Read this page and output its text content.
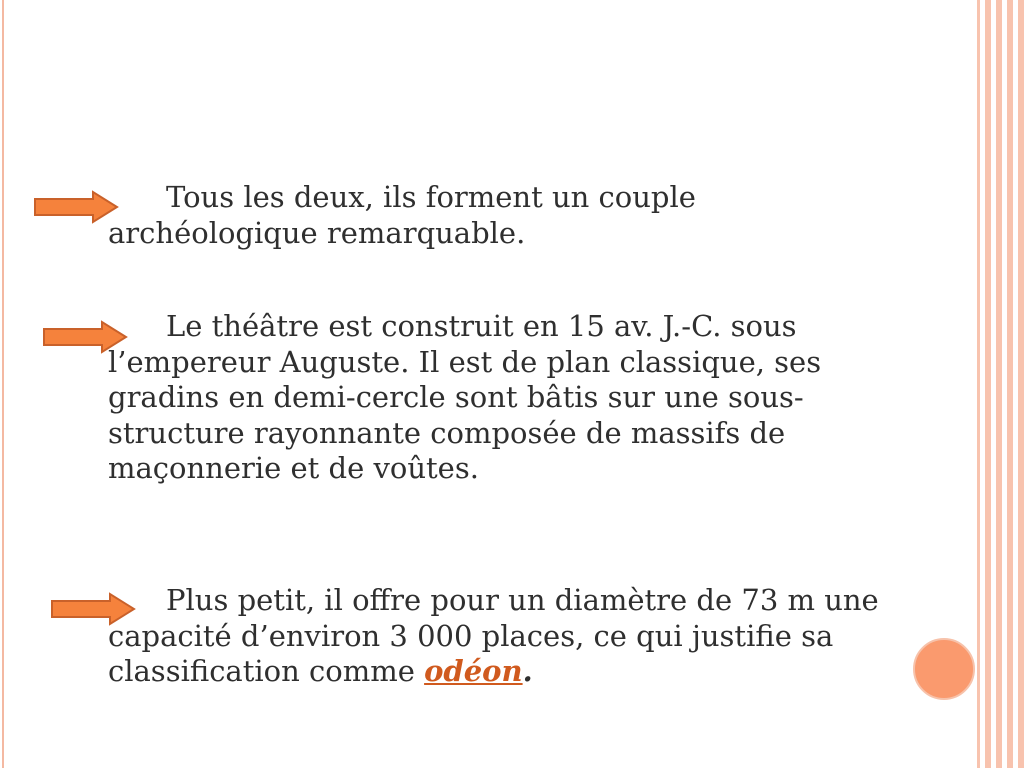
Tous les deux, ils forment un couple archéologique remarquable.
Le théâtre est construit en 15 av. J.-C. sous l’empereur Auguste. Il est de plan classique, ses gradins en demi-cercle sont bâtis sur une sous-structure rayonnante composée de massifs de maçonnerie et de voûtes.
Plus petit, il offre pour un diamètre de 73 m une capacité d’environ 3 000 places, ce qui justifie sa classification comme odéon.
